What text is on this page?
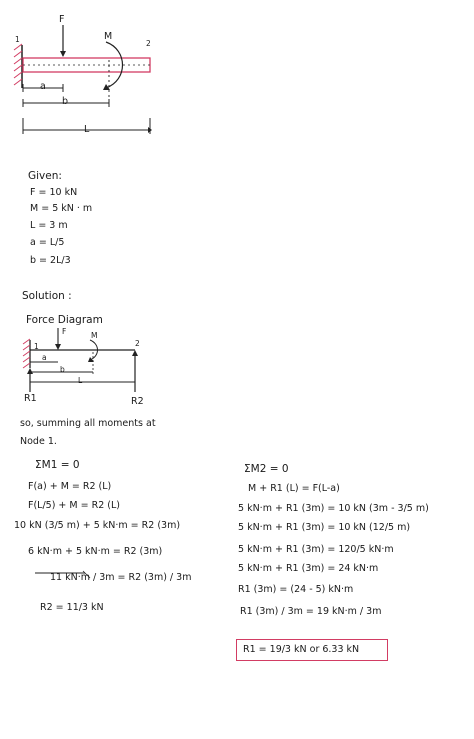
1	2
F
M
a
b
L
Given:
F = 10 kN
M = 5 kN · m
L = 3 m
a = L/5
b = 2L/3
Solution :
Force Diagram
F	M
1	2
a
b
L
R1	R2
so, summing all moments at
Node 1.
ΣM1 = 0
F(a) + M = R2 (L)
F(L/5) + M = R2 (L)
10 kN (3/5 m) + 5 kN·m = R2 (3m)
6 kN·m + 5 kN·m = R2 (3m)
11 kN·m / 3m = R2 (3m) / 3m
R2 = 11/3 kN
ΣM2 = 0
M + R1 (L) = F(L-a)
5 kN·m + R1 (3m) = 10 kN (3m - 3/5 m)
5 kN·m + R1 (3m) = 10 kN (12/5 m)
5 kN·m + R1 (3m) = 120/5 kN·m
5 kN·m + R1 (3m) = 24 kN·m
R1 (3m) = (24 - 5) kN·m
R1 (3m) / 3m = 19 kN·m / 3m
R1 = 19/3 kN or 6.33 kN
